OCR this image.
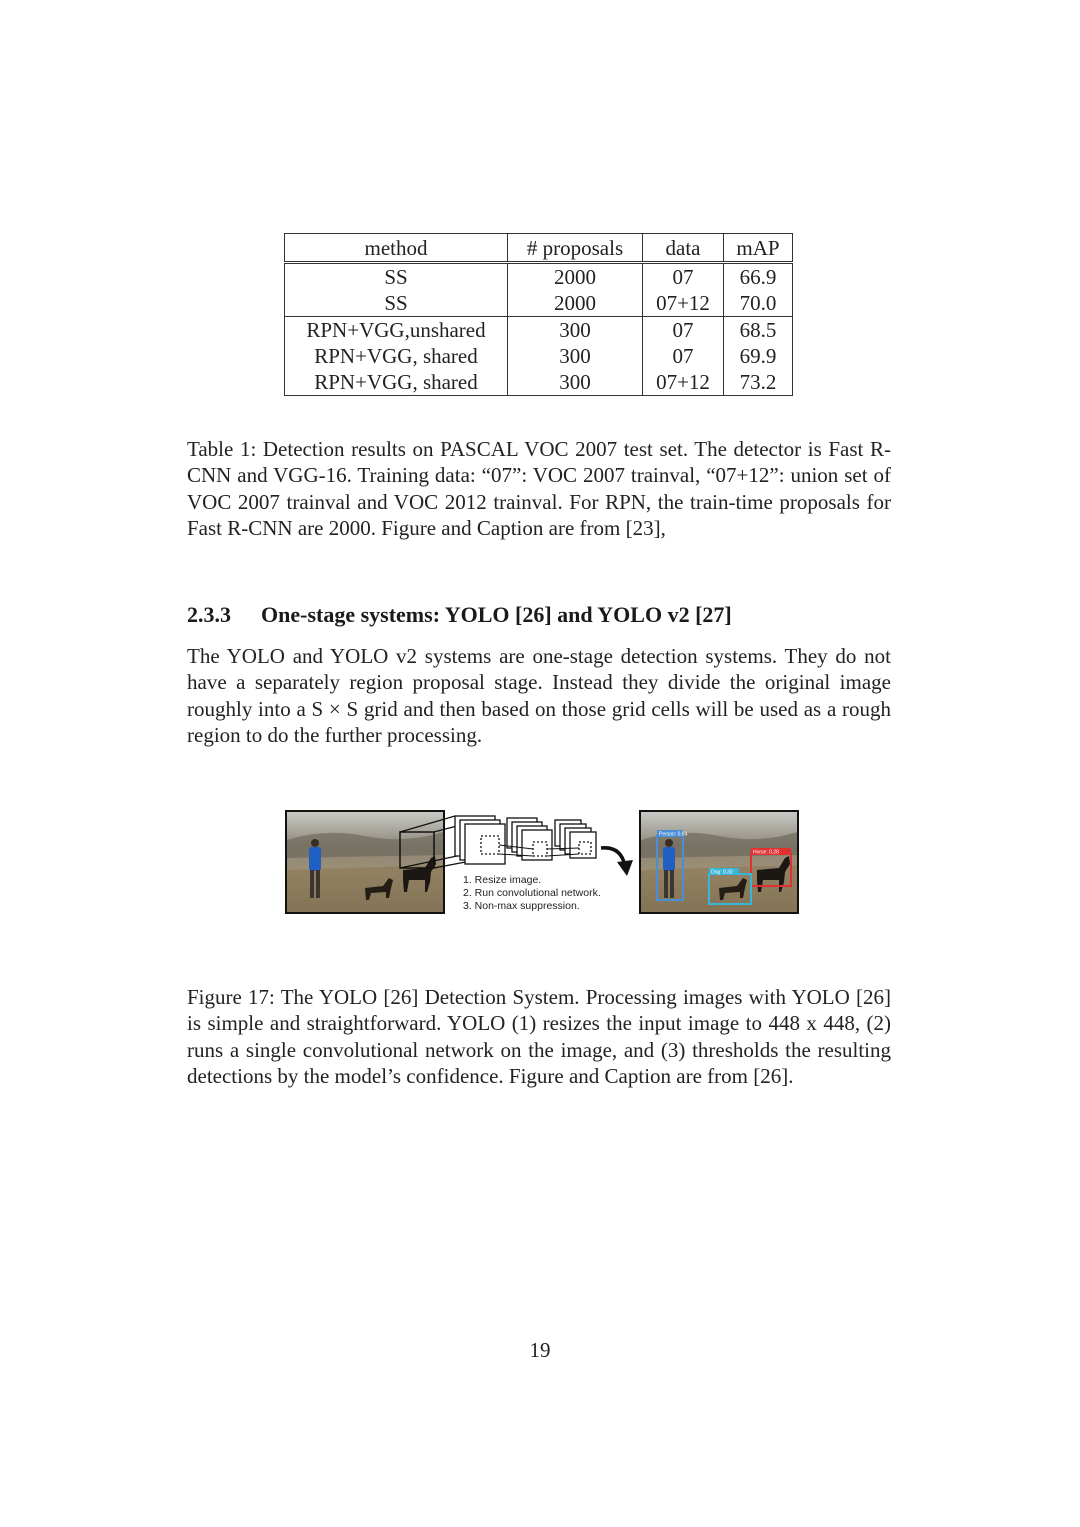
method	# proposals	data	mAP
SS	2000	07	66.9
SS	2000	07+12	70.0
RPN+VGG,unshared	300	07	68.5
RPN+VGG, shared	300	07	69.9
RPN+VGG, shared	300	07+12	73.2

Table 1: Detection results on PASCAL VOC 2007 test set. The detector is Fast R-CNN and VGG-16. Training data: “07”: VOC 2007 trainval, “07+12”: union set of VOC 2007 trainval and VOC 2012 trainval. For RPN, the train-time proposals for Fast R-CNN are 2000. Figure and Caption are from [23],

2.3.3 One-stage systems: YOLO [26] and YOLO v2 [27]

The YOLO and YOLO v2 systems are one-stage detection systems. They do not have a separately region proposal stage. Instead they divide the original image roughly into a S × S grid and then based on those grid cells will be used as a rough region to do the further processing.

1. Resize image.
2. Run convolutional network.
3. Non-max suppression.
Person: 0.64
Horse: 0.28
Dog: 0.30

Figure 17: The YOLO [26] Detection System. Processing images with YOLO [26] is simple and straightforward. YOLO (1) resizes the input image to 448 x 448, (2) runs a single convolutional network on the image, and (3) thresholds the resulting detections by the model’s confidence. Figure and Caption are from [26].

19
